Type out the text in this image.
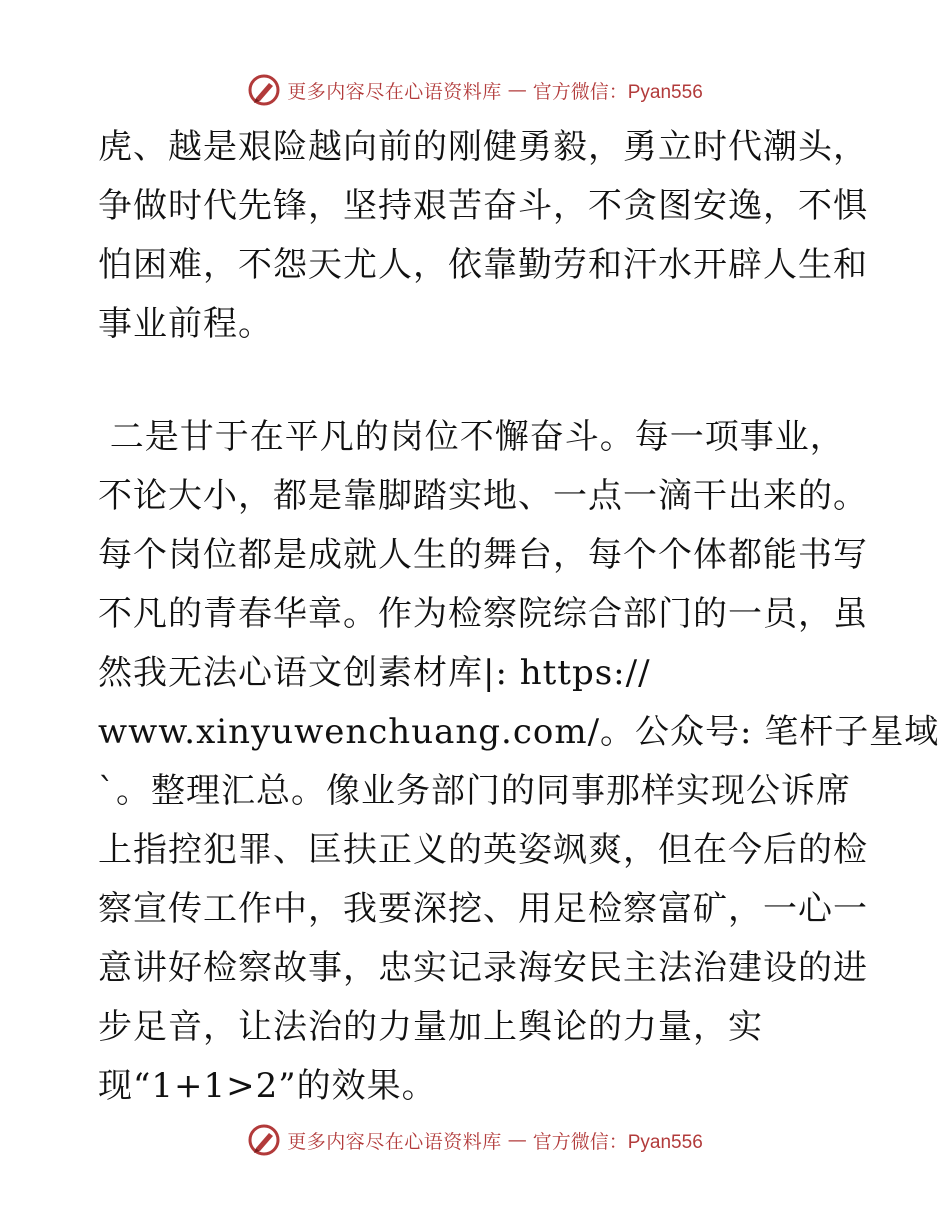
更多内容尽在心语资料库 — 官方微信：Pyan556
虎、越是艰险越向前的刚健勇毅，勇立时代潮头，
争做时代先锋，坚持艰苦奋斗，不贪图安逸，不惧
怕困难，不怨天尤人，依靠勤劳和汗水开辟人生和
事业前程。
二是甘于在平凡的岗位不懈奋斗。每一项事业，
不论大小，都是靠脚踏实地、一点一滴干出来的。
每个岗位都是成就人生的舞台，每个个体都能书写
不凡的青春华章。作为检察院综合部门的一员，虽
然我无法心语文创素材库|: https://
www.xinyuwenchuang.com/。公众号: 笔杆子星域
`。整理汇总。像业务部门的同事那样实现公诉席
上指控犯罪、匡扶正义的英姿飒爽，但在今后的检
察宣传工作中，我要深挖、用足检察富矿，一心一
意讲好检察故事，忠实记录海安民主法治建设的进
步足音，让法治的力量加上舆论的力量，实
现“1+1>2”的效果。
更多内容尽在心语资料库 — 官方微信：Pyan556
